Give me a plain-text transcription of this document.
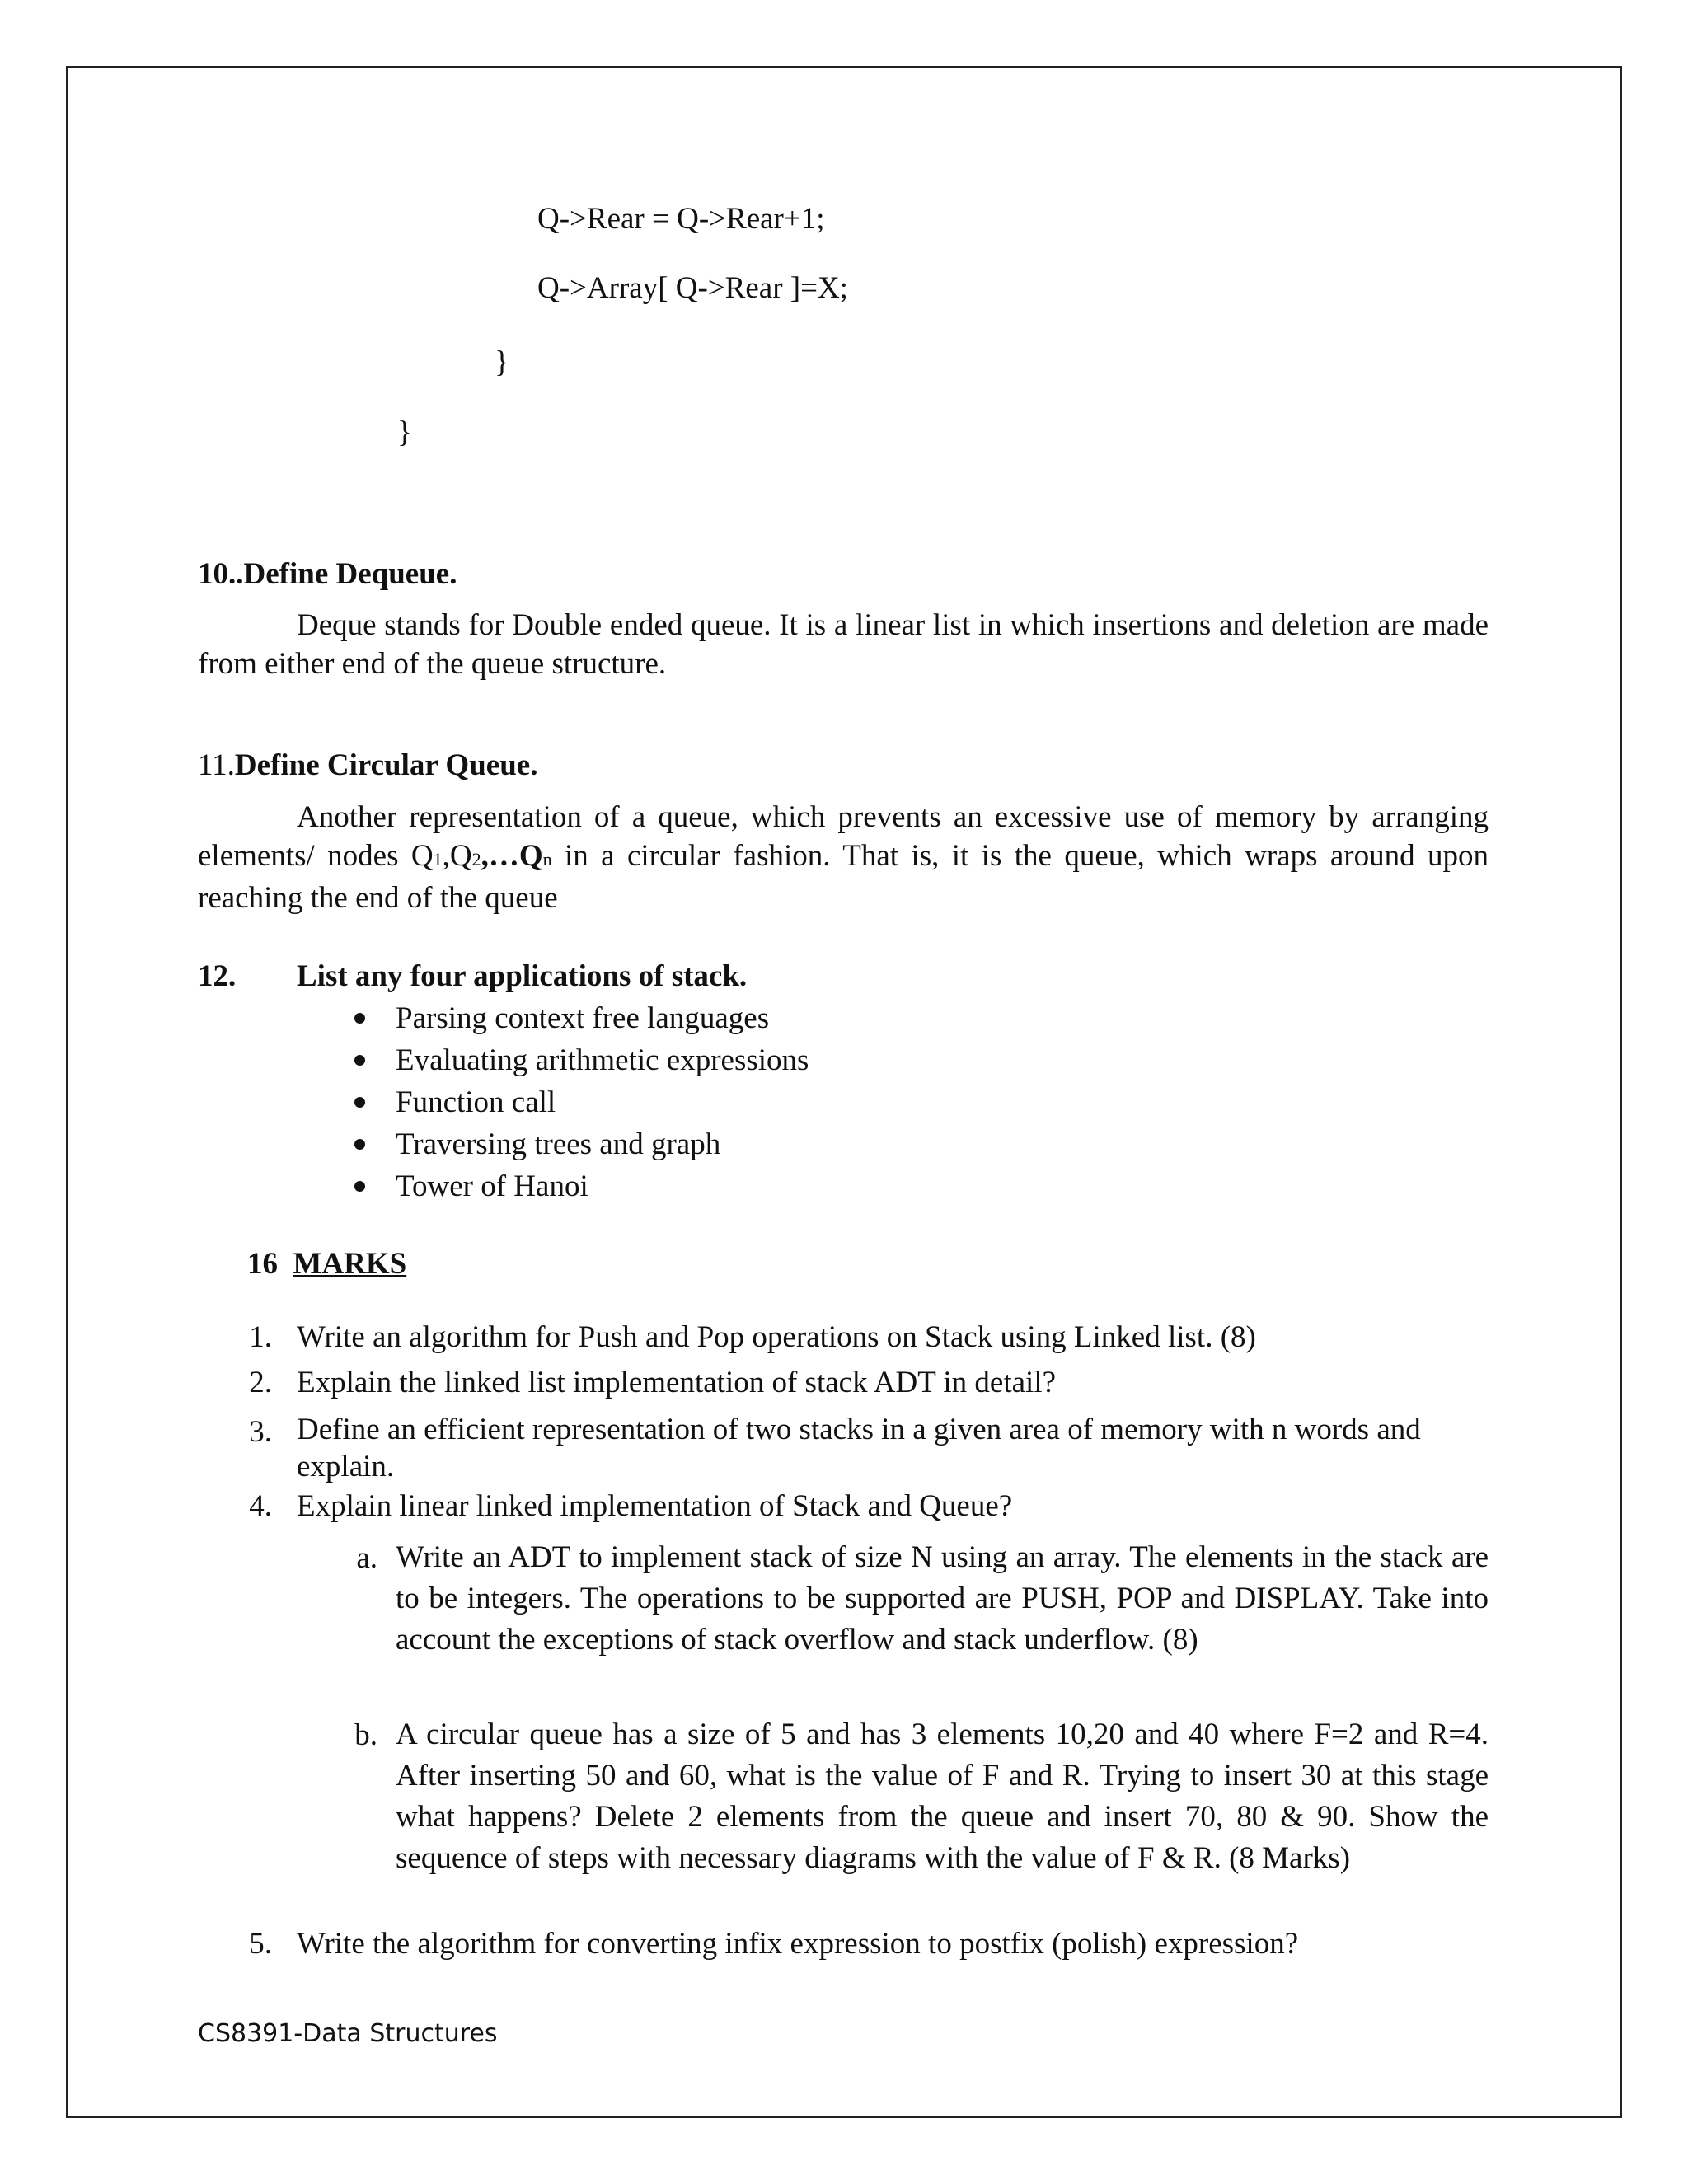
Q->Rear = Q->Rear+1;
Q->Array[ Q->Rear ]=X;
}
}
10..Define Dequeue.
Deque stands for Double ended queue. It is a linear list in which insertions and deletion are made from either end of the queue structure.
11.Define Circular Queue.
Another representation of a queue, which prevents an excessive use of memory by arranging elements/ nodes Q1,Q2,…Qn in a circular fashion. That is, it is the queue, which wraps around upon reaching the end of the queue
12. List any four applications of stack.
Parsing context free languages
Evaluating arithmetic expressions
Function call
Traversing trees and graph
Tower of Hanoi
16 MARKS
1. Write an algorithm for Push and Pop operations on Stack using Linked list. (8)
2. Explain the linked list implementation of stack ADT in detail?
3. Define an efficient representation of two stacks in a given area of memory with n words and explain.
4. Explain linear linked implementation of Stack and Queue?
a. Write an ADT to implement stack of size N using an array. The elements in the stack are to be integers. The operations to be supported are PUSH, POP and DISPLAY. Take into account the exceptions of stack overflow and stack underflow. (8)
b. A circular queue has a size of 5 and has 3 elements 10,20 and 40 where F=2 and R=4. After inserting 50 and 60, what is the value of F and R. Trying to insert 30 at this stage what happens? Delete 2 elements from the queue and insert 70, 80 & 90. Show the sequence of steps with necessary diagrams with the value of F & R. (8 Marks)
5. Write the algorithm for converting infix expression to postfix (polish) expression?
CS8391-Data Structures
